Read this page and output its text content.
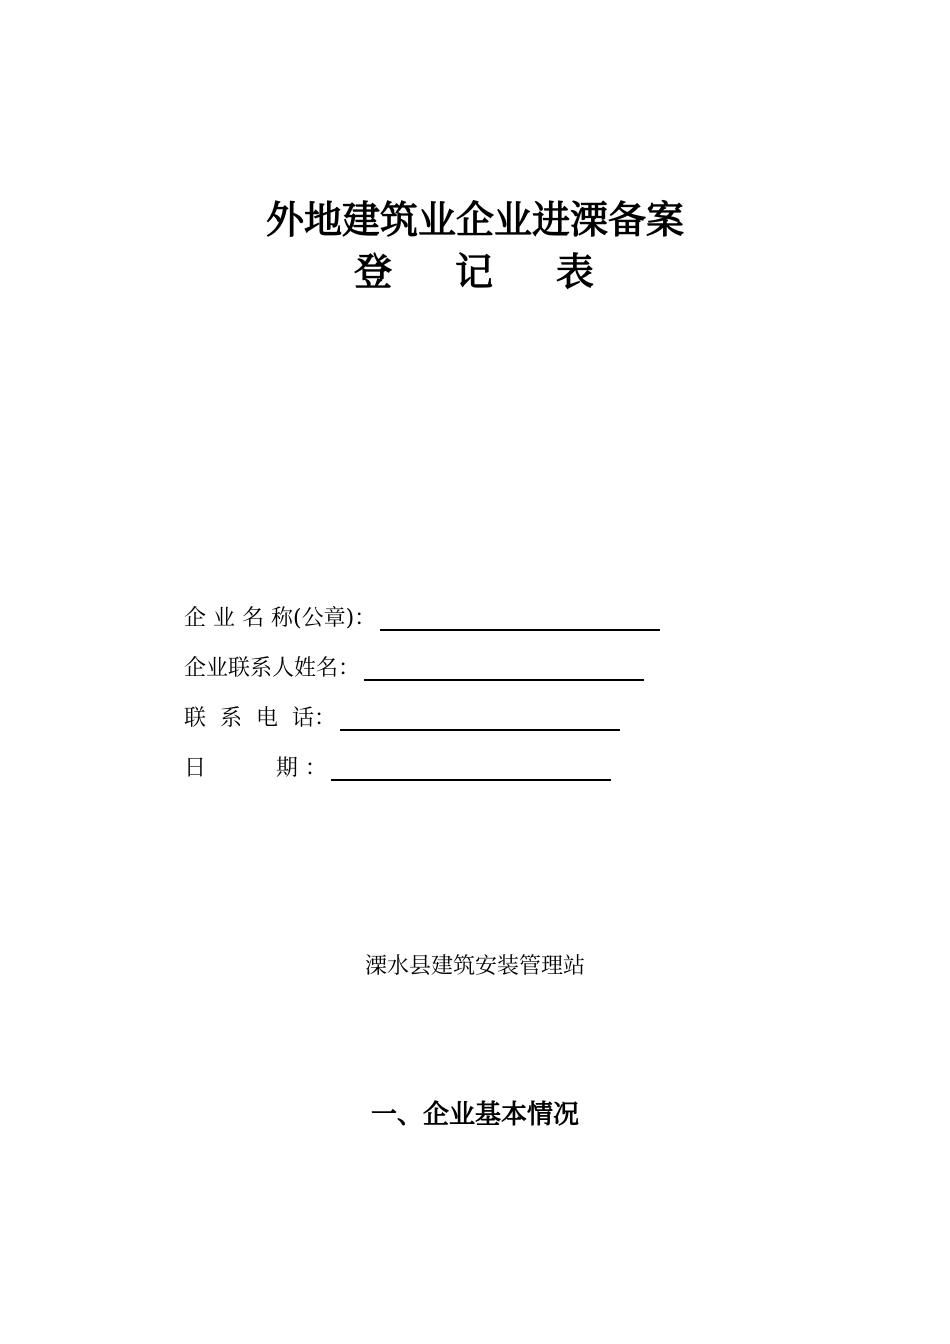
外地建筑业企业进溧备案
登    记    表
企 业 名 称(公章)：
企业联系人姓名：
联  系  电  话：
日          期 ：
溧水县建筑安装管理站
一、企业基本情况
